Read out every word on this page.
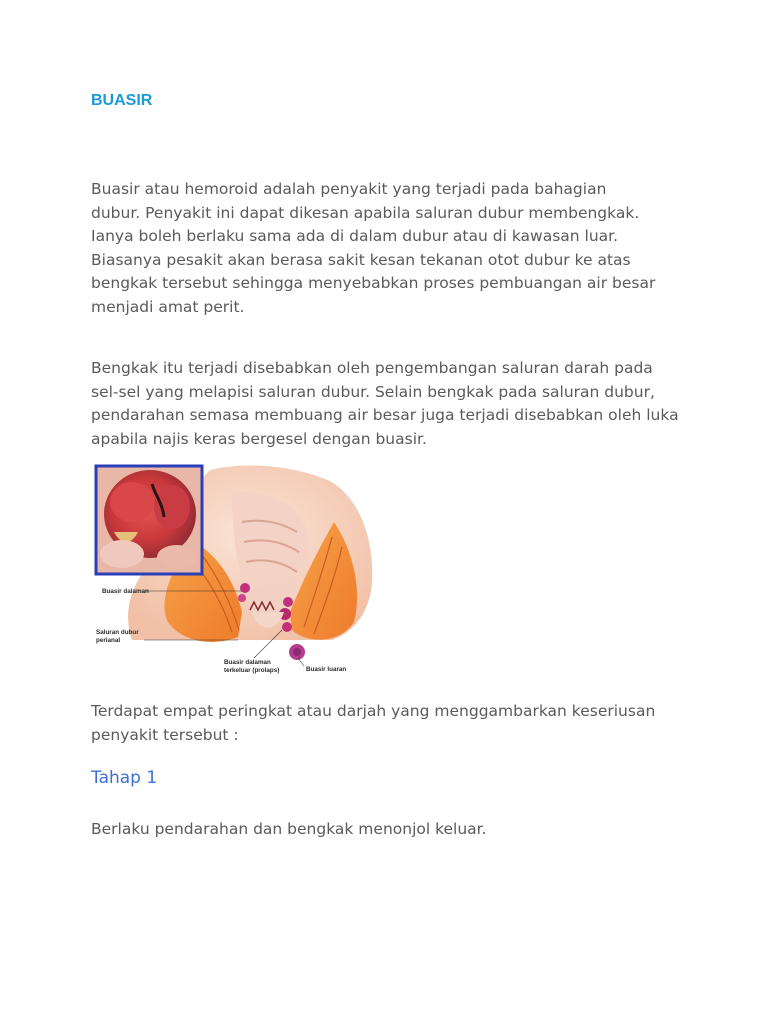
BUASIR

Buasir atau hemoroid adalah penyakit yang terjadi pada bahagian
dubur. Penyakit ini dapat dikesan apabila saluran dubur membengkak.
Ianya boleh berlaku sama ada di dalam dubur atau di kawasan luar.
Biasanya pesakit akan berasa sakit kesan tekanan otot dubur ke atas
bengkak tersebut sehingga menyebabkan proses pembuangan air besar
menjadi amat perit.

Bengkak itu terjadi disebabkan oleh pengembangan saluran darah pada
sel-sel yang melapisi saluran dubur. Selain bengkak pada saluran dubur,
pendarahan semasa membuang air besar juga terjadi disebabkan oleh luka
apabila najis keras bergesel dengan buasir.

Buasir dalaman
Saluran dubur
perianal
Buasir dalaman
terkeluar (prolaps)	Buasir luaran

Terdapat empat peringkat atau darjah yang menggambarkan keseriusan
penyakit tersebut :

Tahap 1

Berlaku pendarahan dan bengkak menonjol keluar.
